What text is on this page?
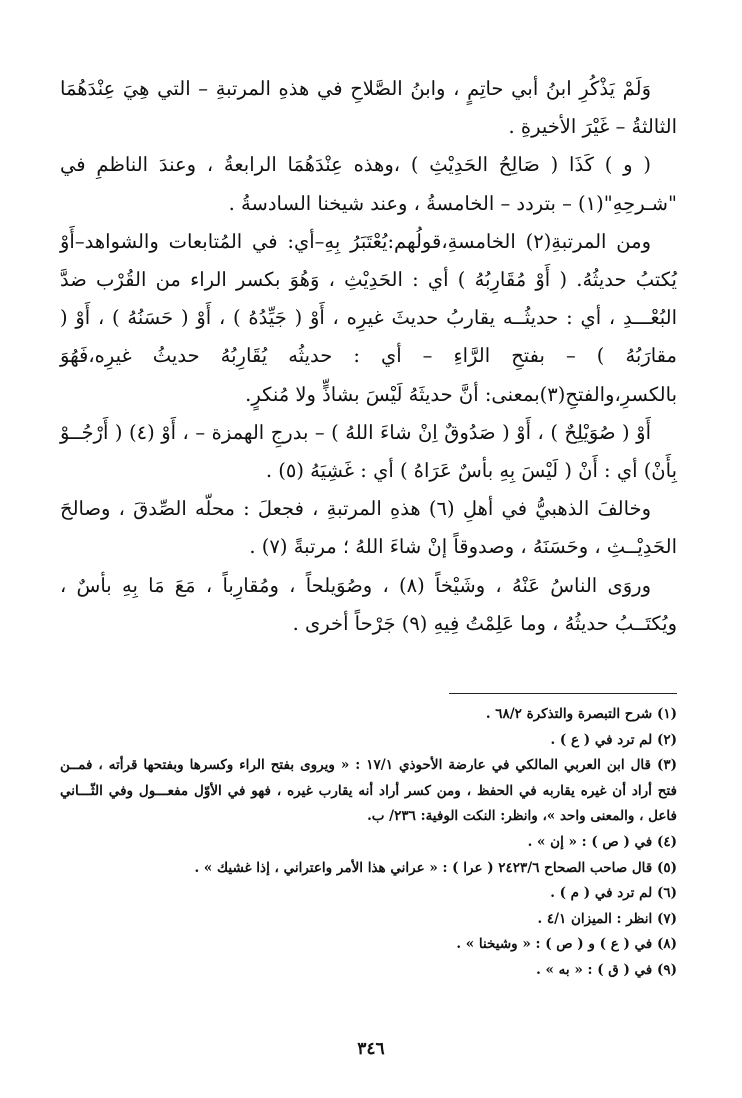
وَلَمْ يَذْكُرِ ابنُ أبي حاتِمٍ ، وابنُ الصَّلاحِ في هذهِ المرتبةِ – التي هِيَ عِنْدَهُمَا الثالثةُ – غَيْرَ الأخيرةِ .

( و ) كَذَا ( صَالِحُ الحَدِيْثِ ) ،وهذه عِنْدَهُمَا الرابعةُ ، وعندَ الناظمِ في "شـرحِهِ"(١) – بتردد – الخامسةُ ، وعند شيخنا السادسةُ .

ومن المرتبةِ(٢) الخامسةِ،قولُهم:يُعْتَبَرُ بِهِ–أي: في المُتابعات والشواهد–أَوْ يُكتبُ حديثُهُ. ( أَوْ مُقَارِبُهُ ) أي : الحَدِيْثِ ، وَهُوَ بكسر الراء من القُرْب ضدَّ البُعْـــدِ ، أي : حديثُــه يقاربُ حديثَ غيرِه ، أَوْ ( جَيِّدُهُ ) ، أَوْ ( حَسَنُهُ ) ، أَوْ ( مقارَبُهُ ) – بفتحِ الرَّاءِ – أي : حديثُه يُقَارِبُهُ حديثُ غيرِه،فَهُوَ بالكسرِ،والفتحِ(٣)بمعنى: أنَّ حديثَهُ لَيْسَ بشاذٍّ ولا مُنكرٍ.

أَوْ ( صُوَيْلِحٌ ) ، أَوْ ( صَدُوقٌ اِنْ شاءَ اللهُ ) – بدرجِ الهمزة – ، أَوْ (٤) ( أَرْجُــوْ بِأَنْ) أي : أَنْ ( لَيْسَ بِهِ بأسٌ عَرَاهُ ) أي : غَشِيَهُ (٥) .

وخالفَ الذهبيُّ في أهلِ (٦) هذهِ المرتبةِ ، فجعلَ : محلّه الصِّدقَ ، وصالحَ الحَدِيْــثِ ، وحَسَنَهُ ، وصدوقاً إنْ شاءَ اللهُ ؛ مرتبةً (٧) .

وروَى الناسُ عَنْهُ ، وشَيْخاً (٨) ، وصُوَيلحاً ، ومُقارِباً ، مَعَ مَا بِهِ بأسٌ ، ويُكتَــبُ حديثُهُ ، وما عَلِمْتُ فِيهِ (٩) جَرْحاً أخرى .

(١) شرح التبصرة والتذكرة ٦٨/٢ .

(٢) لم ترد في ( ع ) .

(٣) قال ابن العربي المالكي في عارضة الأحوذي ١٧/١ : « ويروى بفتح الراء وكسرها وبفتحها قرأته ، فمــن فتح أراد أن غيره يقاربه في الحفظ ، ومن كسر أراد أنه يقارب غيره ، فهو في الأوّل مفعـــول وفي الثّـــاني فاعل ، والمعنى واحد »، وانظر: النكت الوفية: ٢٣٦/ ب.

(٤) في ( ص ) : « إن » .

(٥) قال صاحب الصحاح ٢٤٢٣/٦ ( عرا ) : « عراني هذا الأمر واعتراني ، إذا غشيك » .

(٦) لم ترد في ( م ) .

(٧) انظر : الميزان ٤/١ .

(٨) في ( ع ) و ( ص ) : « وشيخنا » .

(٩) في ( ق ) : « به » .

٣٤٦
